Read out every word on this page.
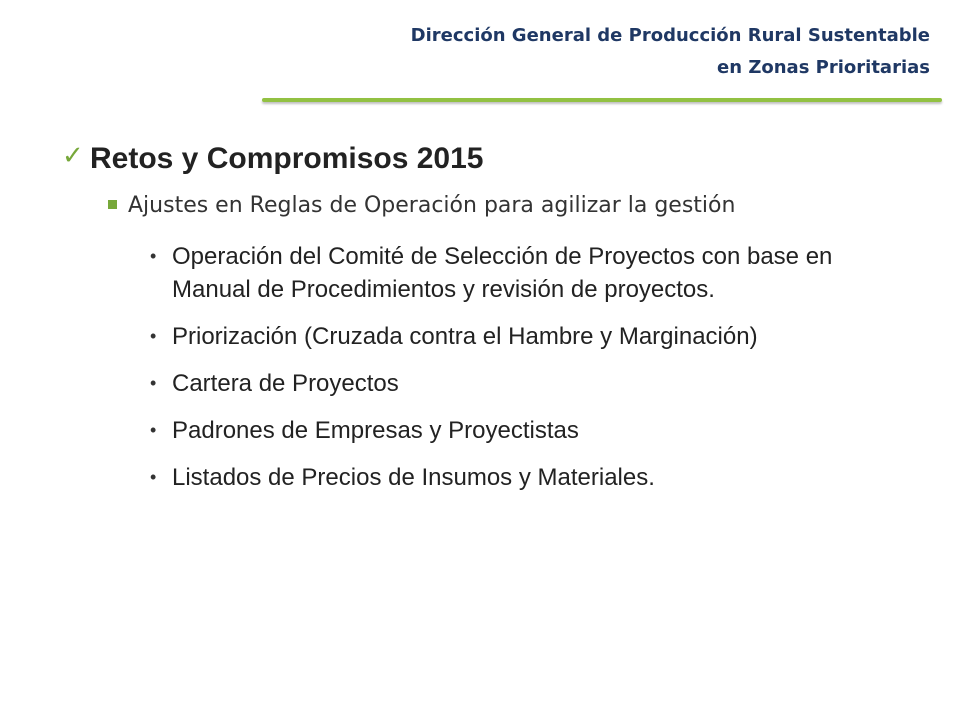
Dirección General de Producción Rural Sustentable
en Zonas Prioritarias
✓ Retos y Compromisos 2015
Ajustes en Reglas de Operación para agilizar la gestión
• Operación del Comité de Selección de Proyectos con base en Manual de Procedimientos y revisión de proyectos.
• Priorización (Cruzada contra el Hambre y Marginación)
• Cartera de Proyectos
• Padrones de Empresas y Proyectistas
• Listados de Precios de Insumos y Materiales.
